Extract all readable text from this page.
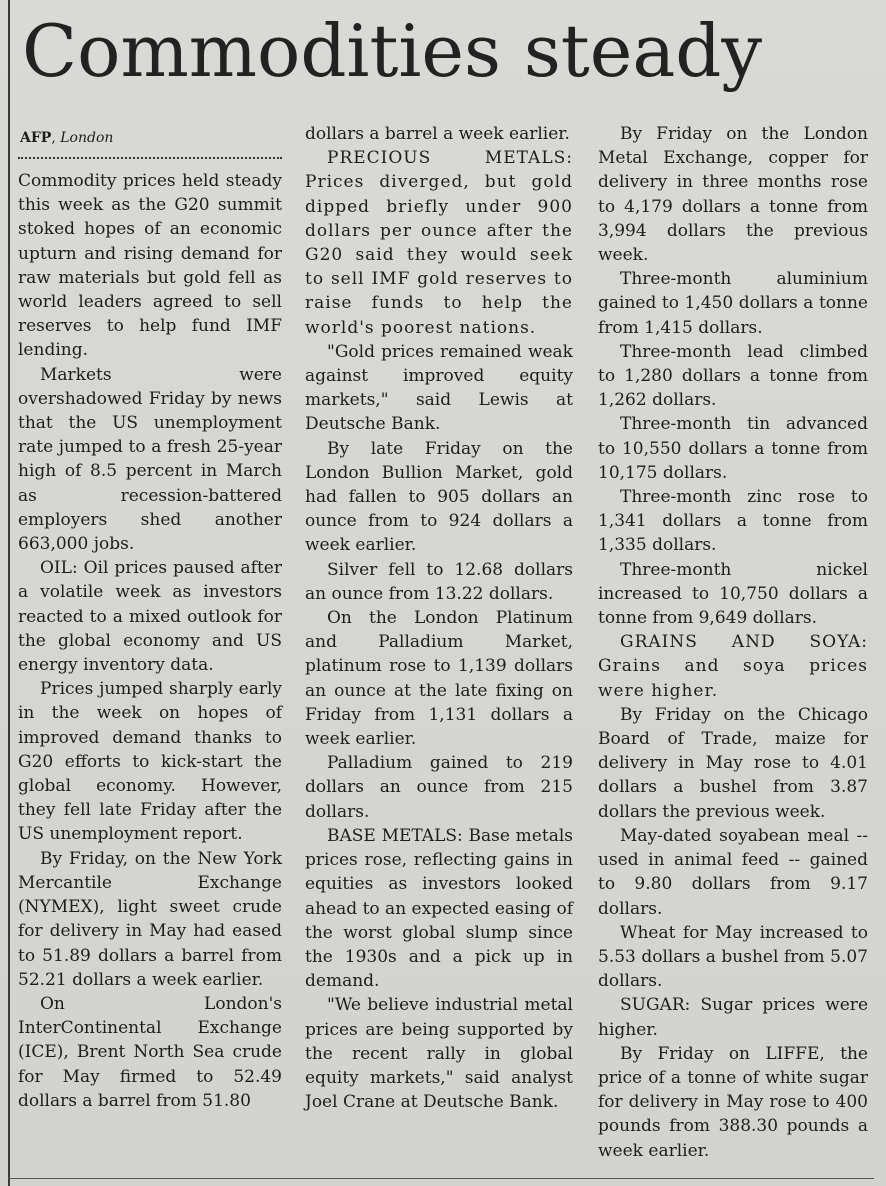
Commodities steady
AFP, London

Commodity prices held steady this week as the G20 summit stoked hopes of an economic upturn and rising demand for raw materials but gold fell as world leaders agreed to sell reserves to help fund IMF lending.

Markets were overshadowed Friday by news that the US unemployment rate jumped to a fresh 25-year high of 8.5 percent in March as recession-battered employers shed another 663,000 jobs.

OIL: Oil prices paused after a volatile week as investors reacted to a mixed outlook for the global economy and US energy inventory data.

Prices jumped sharply early in the week on hopes of improved demand thanks to G20 efforts to kick-start the global economy. However, they fell late Friday after the US unemployment report.

By Friday, on the New York Mercantile Exchange (NYMEX), light sweet crude for delivery in May had eased to 51.89 dollars a barrel from 52.21 dollars a week earlier.

On London's InterContinental Exchange (ICE), Brent North Sea crude for May firmed to 52.49 dollars a barrel from 51.80

dollars a barrel a week earlier.

PRECIOUS METALS: Prices diverged, but gold dipped briefly under 900 dollars per ounce after the G20 said they would seek to sell IMF gold reserves to raise funds to help the world's poorest nations.

"Gold prices remained weak against improved equity markets," said Lewis at Deutsche Bank.

By late Friday on the London Bullion Market, gold had fallen to 905 dollars an ounce from to 924 dollars a week earlier.

Silver fell to 12.68 dollars an ounce from 13.22 dollars.

On the London Platinum and Palladium Market, platinum rose to 1,139 dollars an ounce at the late fixing on Friday from 1,131 dollars a week earlier.

Palladium gained to 219 dollars an ounce from 215 dollars.

BASE METALS: Base metals prices rose, reflecting gains in equities as investors looked ahead to an expected easing of the worst global slump since the 1930s and a pick up in demand.

"We believe industrial metal prices are being supported by the recent rally in global equity markets," said analyst Joel Crane at Deutsche Bank.

By Friday on the London Metal Exchange, copper for delivery in three months rose to 4,179 dollars a tonne from 3,994 dollars the previous week.

Three-month aluminium gained to 1,450 dollars a tonne from 1,415 dollars.

Three-month lead climbed to 1,280 dollars a tonne from 1,262 dollars.

Three-month tin advanced to 10,550 dollars a tonne from 10,175 dollars.

Three-month zinc rose to 1,341 dollars a tonne from 1,335 dollars.

Three-month nickel increased to 10,750 dollars a tonne from 9,649 dollars.

GRAINS AND SOYA: Grains and soya prices were higher.

By Friday on the Chicago Board of Trade, maize for delivery in May rose to 4.01 dollars a bushel from 3.87 dollars the previous week.

May-dated soyabean meal -- used in animal feed -- gained to 9.80 dollars from 9.17 dollars.

Wheat for May increased to 5.53 dollars a bushel from 5.07 dollars.

SUGAR: Sugar prices were higher.

By Friday on LIFFE, the price of a tonne of white sugar for delivery in May rose to 400 pounds from 388.30 pounds a week earlier.
